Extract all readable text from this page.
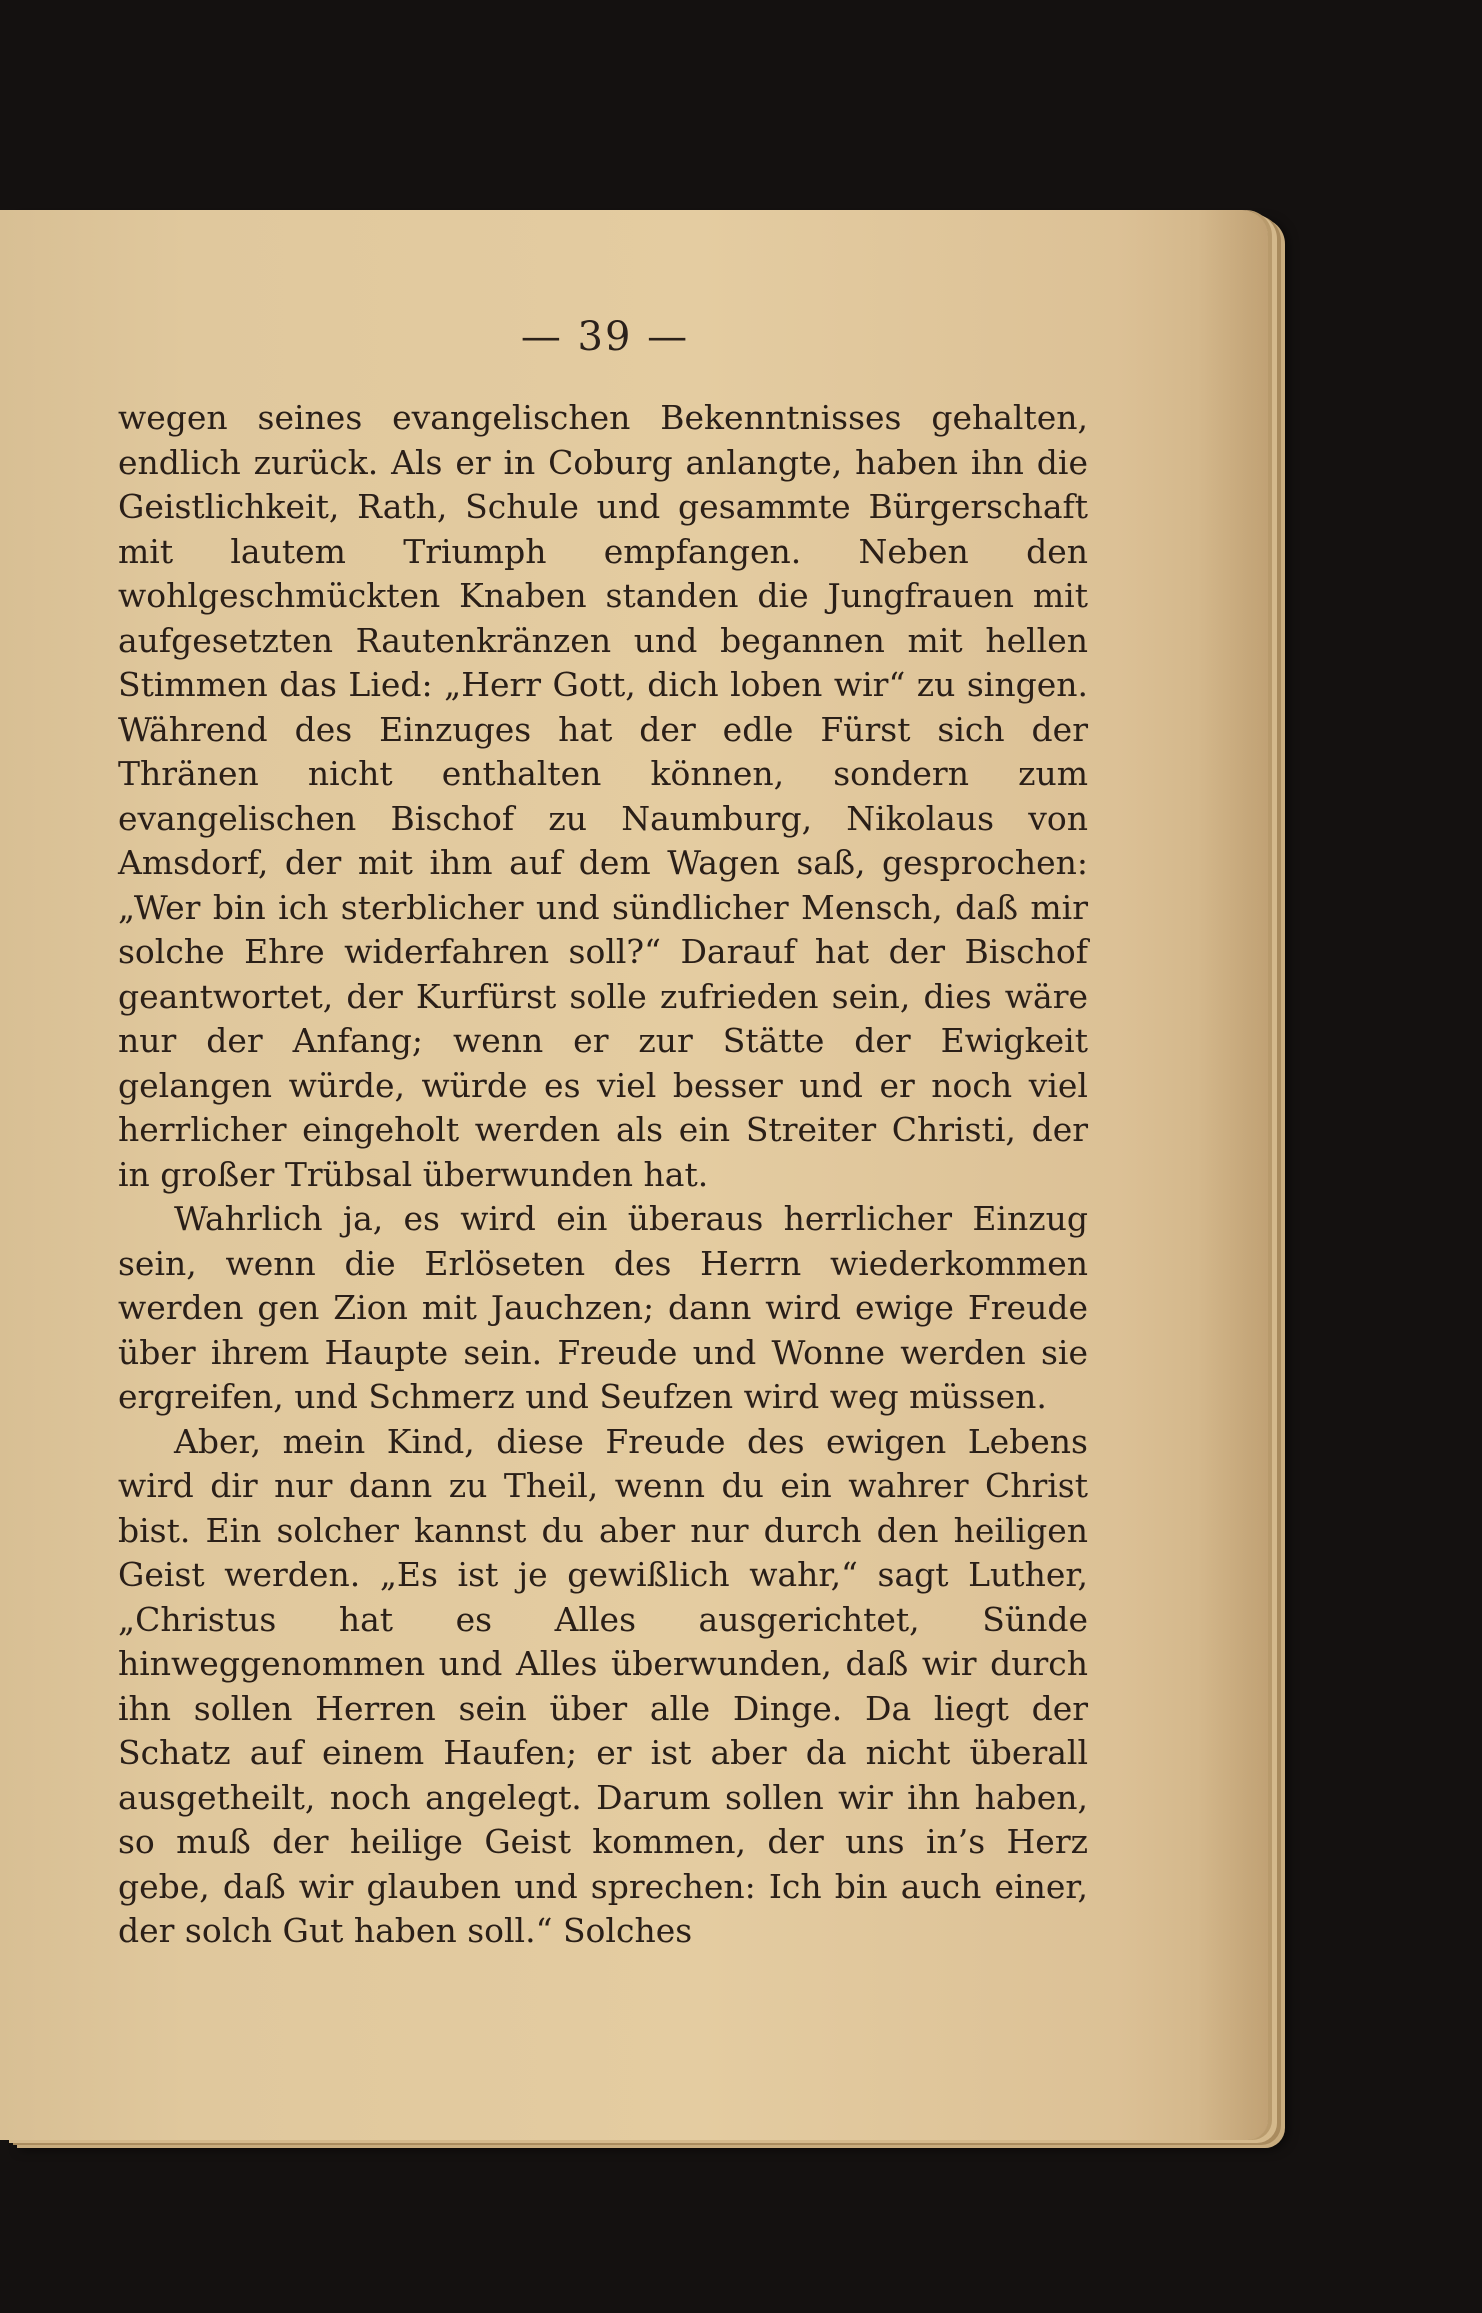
— 39 —

wegen seines evangelischen Bekenntnisses gehalten, endlich zurück. Als er in Coburg anlangte, haben ihn die Geistlichkeit, Rath, Schule und gesammte Bürgerschaft mit lautem Triumph empfangen. Neben den wohlgeschmückten Knaben standen die Jungfrauen mit aufgesetzten Rautenkränzen und begannen mit hellen Stimmen das Lied: „Herr Gott, dich loben wir“ zu singen. Während des Einzuges hat der edle Fürst sich der Thränen nicht enthalten können, sondern zum evangelischen Bischof zu Naumburg, Nikolaus von Amsdorf, der mit ihm auf dem Wagen saß, gesprochen: „Wer bin ich sterblicher und sündlicher Mensch, daß mir solche Ehre widerfahren soll?“ Darauf hat der Bischof geantwortet, der Kurfürst solle zufrieden sein, dies wäre nur der Anfang; wenn er zur Stätte der Ewigkeit gelangen würde, würde es viel besser und er noch viel herrlicher eingeholt werden als ein Streiter Christi, der in großer Trübsal überwunden hat.

Wahrlich ja, es wird ein überaus herrlicher Einzug sein, wenn die Erlöseten des Herrn wiederkommen werden gen Zion mit Jauchzen; dann wird ewige Freude über ihrem Haupte sein. Freude und Wonne werden sie ergreifen, und Schmerz und Seufzen wird weg müssen.

Aber, mein Kind, diese Freude des ewigen Lebens wird dir nur dann zu Theil, wenn du ein wahrer Christ bist. Ein solcher kannst du aber nur durch den heiligen Geist werden. „Es ist je gewißlich wahr,“ sagt Luther, „Christus hat es Alles ausgerichtet, Sünde hinweggenommen und Alles überwunden, daß wir durch ihn sollen Herren sein über alle Dinge. Da liegt der Schatz auf einem Haufen; er ist aber da nicht überall ausgetheilt, noch angelegt. Darum sollen wir ihn haben, so muß der heilige Geist kommen, der uns in’s Herz gebe, daß wir glauben und sprechen: Ich bin auch einer, der solch Gut haben soll.“ Solches
